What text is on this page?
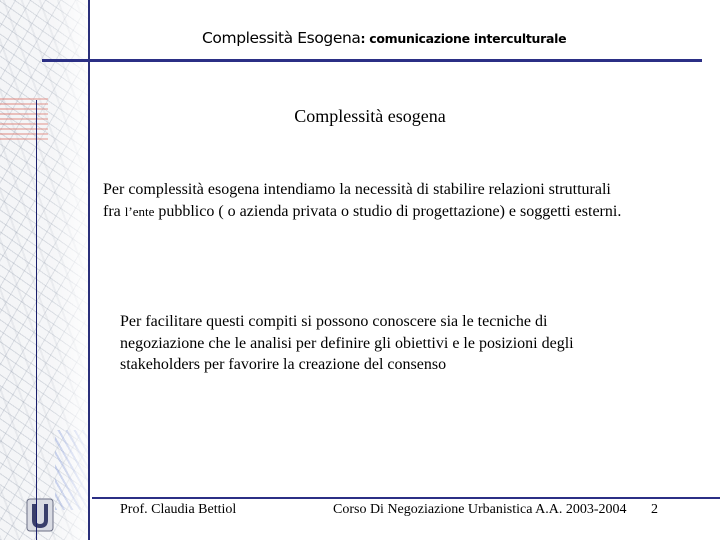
Complessità Esogena: comunicazione interculturale
Complessità esogena
Per complessità esogena intendiamo la necessità di stabilire relazioni strutturali
fra l’ente pubblico ( o azienda privata o studio di progettazione) e soggetti esterni.
Per facilitare questi compiti si possono conoscere sia le tecniche di
negoziazione che le analisi per definire gli obiettivi e le posizioni degli
stakeholders per favorire la creazione del consenso
Prof. Claudia Bettiol	Corso Di Negoziazione Urbanistica A.A. 2003-2004 2
